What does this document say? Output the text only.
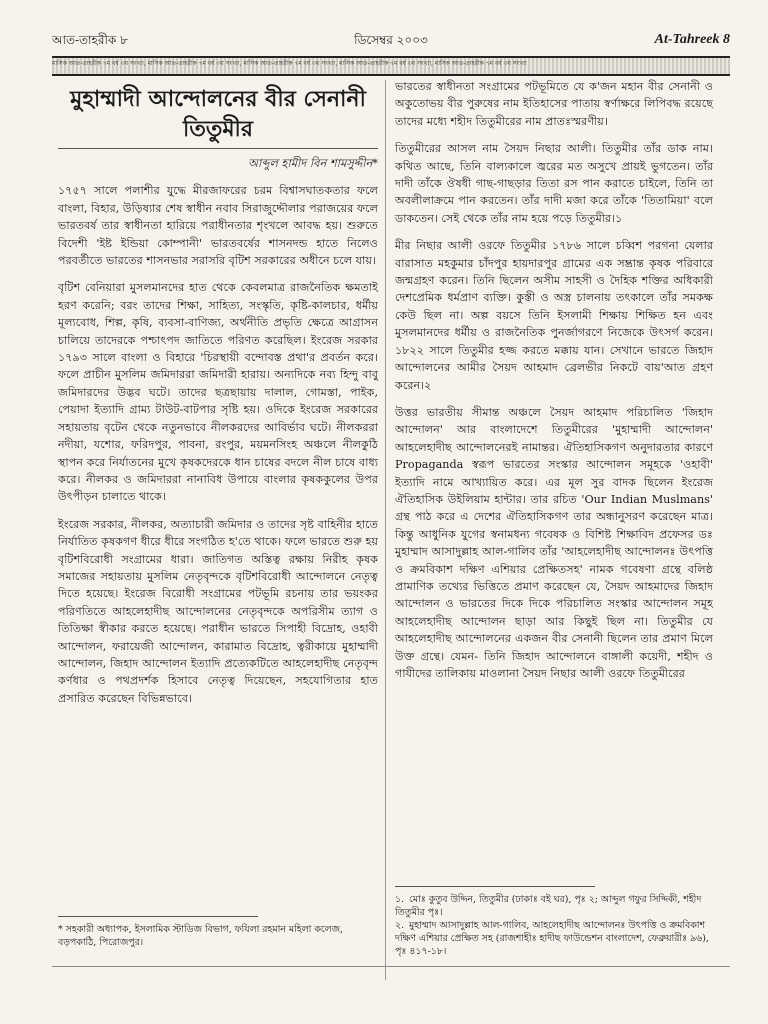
আত-তাহরীক ৮	ডিসেম্বর ২০০৩	At-Tahreek 8
মাসিক আত-তাহরীক ৭ম বর্ষ ৩য় সংখ্যা, মাসিক আত-তাহরীক ৭ম বর্ষ ৩য় সংখ্যা, মাসিক আত-তাহরীক ৭ম বর্ষ ৩য় সংখ্যা, মাসিক আত-তাহরীক ৭ম বর্ষ ৩য় সংখ্যা, মাসিক আত-তাহরীক ৭ম বর্ষ ৩য় সংখ্যা
মুহাম্মাদী আন্দোলনের বীর সেনানী তিতুমীর
আব্দুল হামীদ বিন শামসুদ্দীন*

১৭৫৭ সালে পলাশীর যুদ্ধে মীরজাফরের চরম বিশ্বাসঘাতকতার ফলে বাংলা, বিহার, উড়িষ্যার শেষ স্বাধীন নবাব সিরাজুদ্দৌলার পরাজয়ের ফলে ভারতবর্ষ তার স্বাধীনতা হারিয়ে পরাধীনতার শৃংখলে আবদ্ধ হয়। শুরুতে বিদেশী 'ইষ্ট ইন্ডিয়া কোম্পানী' ভারতবর্ষের শাসনদন্ড হাতে নিলেও পরবর্তীতে ভারতের শাসনভার সরাসরি বৃটিশ সরকারের অধীনে চলে যায়।

বৃটিশ বেনিয়ারা মুসলমানদের হাত থেকে কেবলমাত্র রাজনৈতিক ক্ষমতাই হরণ করেনি; বরং তাদের শিক্ষা, সাহিত্য, সংস্কৃতি, কৃষ্টি-কালচার, ধর্মীয় মূল্যবোধ, শিল্প, কৃষি, ব্যবসা-বাণিজ্য, অর্থনীতি প্রভৃতি ক্ষেত্রে আগ্রাসন চালিয়ে তাদেরকে পশ্চাৎপদ জাতিতে পরিণত করেছিল। ইংরেজ সরকার ১৭৯৩ সালে বাংলা ও বিহারে 'চিরস্থায়ী বন্দোবস্ত প্রথা'র প্রবর্তন করে। ফলে প্রাচীন মুসলিম জমিদাররা জমিদারী হারায়। অন্যদিকে নব্য হিন্দু বাবু জমিদারদের উদ্ভব ঘটে। তাদের ছত্রছায়ায় দালাল, গোমস্তা, পাইক, পেয়াদা ইত্যাদি গ্রাম্য টাউট-বাটপার সৃষ্টি হয়। ওদিকে ইংরেজ সরকারের সহায়তায় বৃটেন থেকে নতুনভাবে নীলকরদের আবির্ভাব ঘটে। নীলকররা নদীয়া, যশোর, ফরিদপুর, পাবনা, রংপুর, ময়মনসিংহ অঞ্চলে নীলকুঠি স্থাপন করে নির্যাতনের মুখে কৃষকদেরকে ধান চাষের বদলে নীল চাষে বাধ্য করে। নীলকর ও জমিদাররা নানাবিধ উপায়ে বাংলার কৃষককুলের উপর উৎপীড়ন চালাতে থাকে।

ইংরেজ সরকার, নীলকর, অত্যাচারী জমিদার ও তাদের সৃষ্ট বাহিনীর হাতে নির্যাতিত কৃষকগণ ধীরে ধীরে সংগঠিত হ'তে থাকে। ফলে ভারতে শুরু হয় বৃটিশবিরোধী সংগ্রামের ধারা। জাতিগত অস্তিত্ব রক্ষায় নিরীহ কৃষক সমাজের সহায়তায় মুসলিম নেতৃবৃন্দকে বৃটিশবিরোধী আন্দোলনে নেতৃত্ব দিতে হয়েছে। ইংরেজ বিরোধী সংগ্রামের পটভূমি রচনায় তার ভয়ংকর পরিণতিতে আহলেহাদীছ আন্দোলনের নেতৃবৃন্দকে অপরিসীম ত্যাগ ও তিতিক্ষা স্বীকার করতে হয়েছে। পরাধীন ভারতে সিপাহী বিদ্রোহ, ওহাবী আন্দোলন, ফরায়েজী আন্দোলন, কারামাত বিদ্রোহ, ত্বরীকায়ে মুহাম্মাদী আন্দোলন, জিহাদ আন্দোলন ইত্যাদি প্রত্যেকটিতে আহলেহাদীছ নেতৃবৃন্দ কর্ণধার ও পথপ্রদর্শক হিসাবে নেতৃত্ব দিয়েছেন, সহযোগিতার হাত প্রসারিত করেছেন বিভিন্নভাবে।

ভারতের স্বাধীনতা সংগ্রামের পটভূমিতে যে ক'জন মহান বীর সেনানী ও অকুতোভয় বীর পুরুষের নাম ইতিহাসের পাতায় স্বর্ণাক্ষরে লিপিবদ্ধ রয়েছে তাদের মধ্যে শহীদ তিতুমীরের নাম প্রাতঃস্মরণীয়।

তিতুমীরের আসল নাম সৈয়দ নিছার আলী। তিতুমীর তাঁর ডাক নাম। কথিত আছে, তিনি বাল্যকালে জ্বরের মত অসুখে প্রায়ই ভুগতেন। তাঁর দাদী তাঁকে ঔষধী গাছ-গাছড়ার তিতা রস পান করাতে চাইলে, তিনি তা অবলীলাক্রমে পান করতেন। তাঁর দাদী মজা করে তাঁকে 'তিতামিয়া' বলে ডাকতেন। সেই থেকে তাঁর নাম হয়ে পড়ে তিতুমীর।১

মীর নিছার আলী ওরফে তিতুমীর ১৭৮৬ সালে চব্বিশ পরগনা যেলার বারাসাত মহকুমার চাঁদপুর হায়দারপুর গ্রামের এক সম্ভ্রান্ত কৃষক পরিবারে জন্মগ্রহণ করেন। তিনি ছিলেন অসীম সাহসী ও দৈহিক শক্তির অধিকারী দেশপ্রেমিক ধর্মপ্রাণ ব্যক্তি। কুস্তী ও অস্ত্র চালনায় তৎকালে তাঁর সমকক্ষ কেউ ছিল না। অল্প বয়সে তিনি ইসলামী শিক্ষায় শিক্ষিত হন এবং মুসলমানদের ধর্মীয় ও রাজনৈতিক পুনর্জাগরণে নিজেকে উৎসর্গ করেন। ১৮২২ সালে তিতুমীর হজ্জ করতে মক্কায় যান। সেখানে ভারতে জিহাদ আন্দোলনের আমীর সৈয়দ আহমাদ ব্রেলভীর নিকটে বায়'আত গ্রহণ করেন।২

উত্তর ভারতীয় সীমান্ত অঞ্চলে সৈয়দ আহমাদ পরিচালিত 'জিহাদ আন্দোলন' আর বাংলাদেশে তিতুমীরের 'মুহাম্মাদী আন্দোলন' আহলেহাদীছ আন্দোলনেরই নামান্তর। ঐতিহাসিকগণ অনুদারতার কারণে Propaganda স্বরূপ ভারতের সংস্কার আন্দোলন সমূহকে 'ওহাবী' ইত্যাদি নামে আখ্যায়িত করে। এর মূল সুর বাদক ছিলেন ইংরেজ ঐতিহাসিক উইলিয়াম হান্টার। তার রচিত 'Our Indian Muslmans' গ্রন্থ পাঠ করে এ দেশের ঐতিহাসিকগণ তার অন্ধানুসরণ করেছেন মাত্র। কিন্তু আধুনিক যুগের স্বনামধন্য গবেষক ও বিশিষ্ট শিক্ষাবিদ প্রফেসর ডঃ মুহাম্মাদ আসাদুল্লাহ আল-গালিব তাঁর 'আহলেহাদীছ আন্দোলনঃ উৎপত্তি ও ক্রমবিকাশ দক্ষিণ এশিয়ার প্রেক্ষিতসহ' নামক গবেষণা গ্রন্থে বলিষ্ঠ প্রামাণিক তথ্যের ভিত্তিতে প্রমাণ করেছেন যে, সৈয়দ আহমাদের জিহাদ আন্দোলন ও ভারতের দিকে দিকে পরিচালিত সংস্কার আন্দোলন সমূহ আহলেহাদীছ আন্দোলন ছাড়া আর কিছুই ছিল না। তিতুমীর যে আহলেহাদীছ আন্দোলনের একজন বীর সেনানী ছিলেন তার প্রমাণ মিলে উক্ত গ্রন্থে। যেমন- তিনি জিহাদ আন্দোলনে বাঙ্গালী কয়েদী, শহীদ ও গাযীদের তালিকায় মাওলানা সৈয়দ নিছার আলী ওরফে তিতুমীরের

* সহকারী অধ্যাপক, ইসলামিক স্টাডিজ বিভাগ, ফযিলা রহমান মহিলা কলেজ, বড়পকাঠি, পিরোজপুর।
১. মোঃ কুতুব উদ্দিন, তিতুমীর (ঢাকাঃ বই ঘর), পৃঃ ২; আব্দুল গফুর সিদ্দিকী, শহীদ তিতুমীর পৃঃ।
২. মুহাম্মাদ আসাদুল্লাহ আল-গালিব, আহলেহাদীছ আন্দোলনঃ উৎপত্তি ও ক্রমবিকাশ দক্ষিণ এশিয়ার প্রেক্ষিত সহ (রাজশাহীঃ হাদীছ ফাউন্ডেশন বাংলাদেশ, ফেব্রুয়ারীঃ ৯৬), পৃঃ ৪১৭-১৮।
